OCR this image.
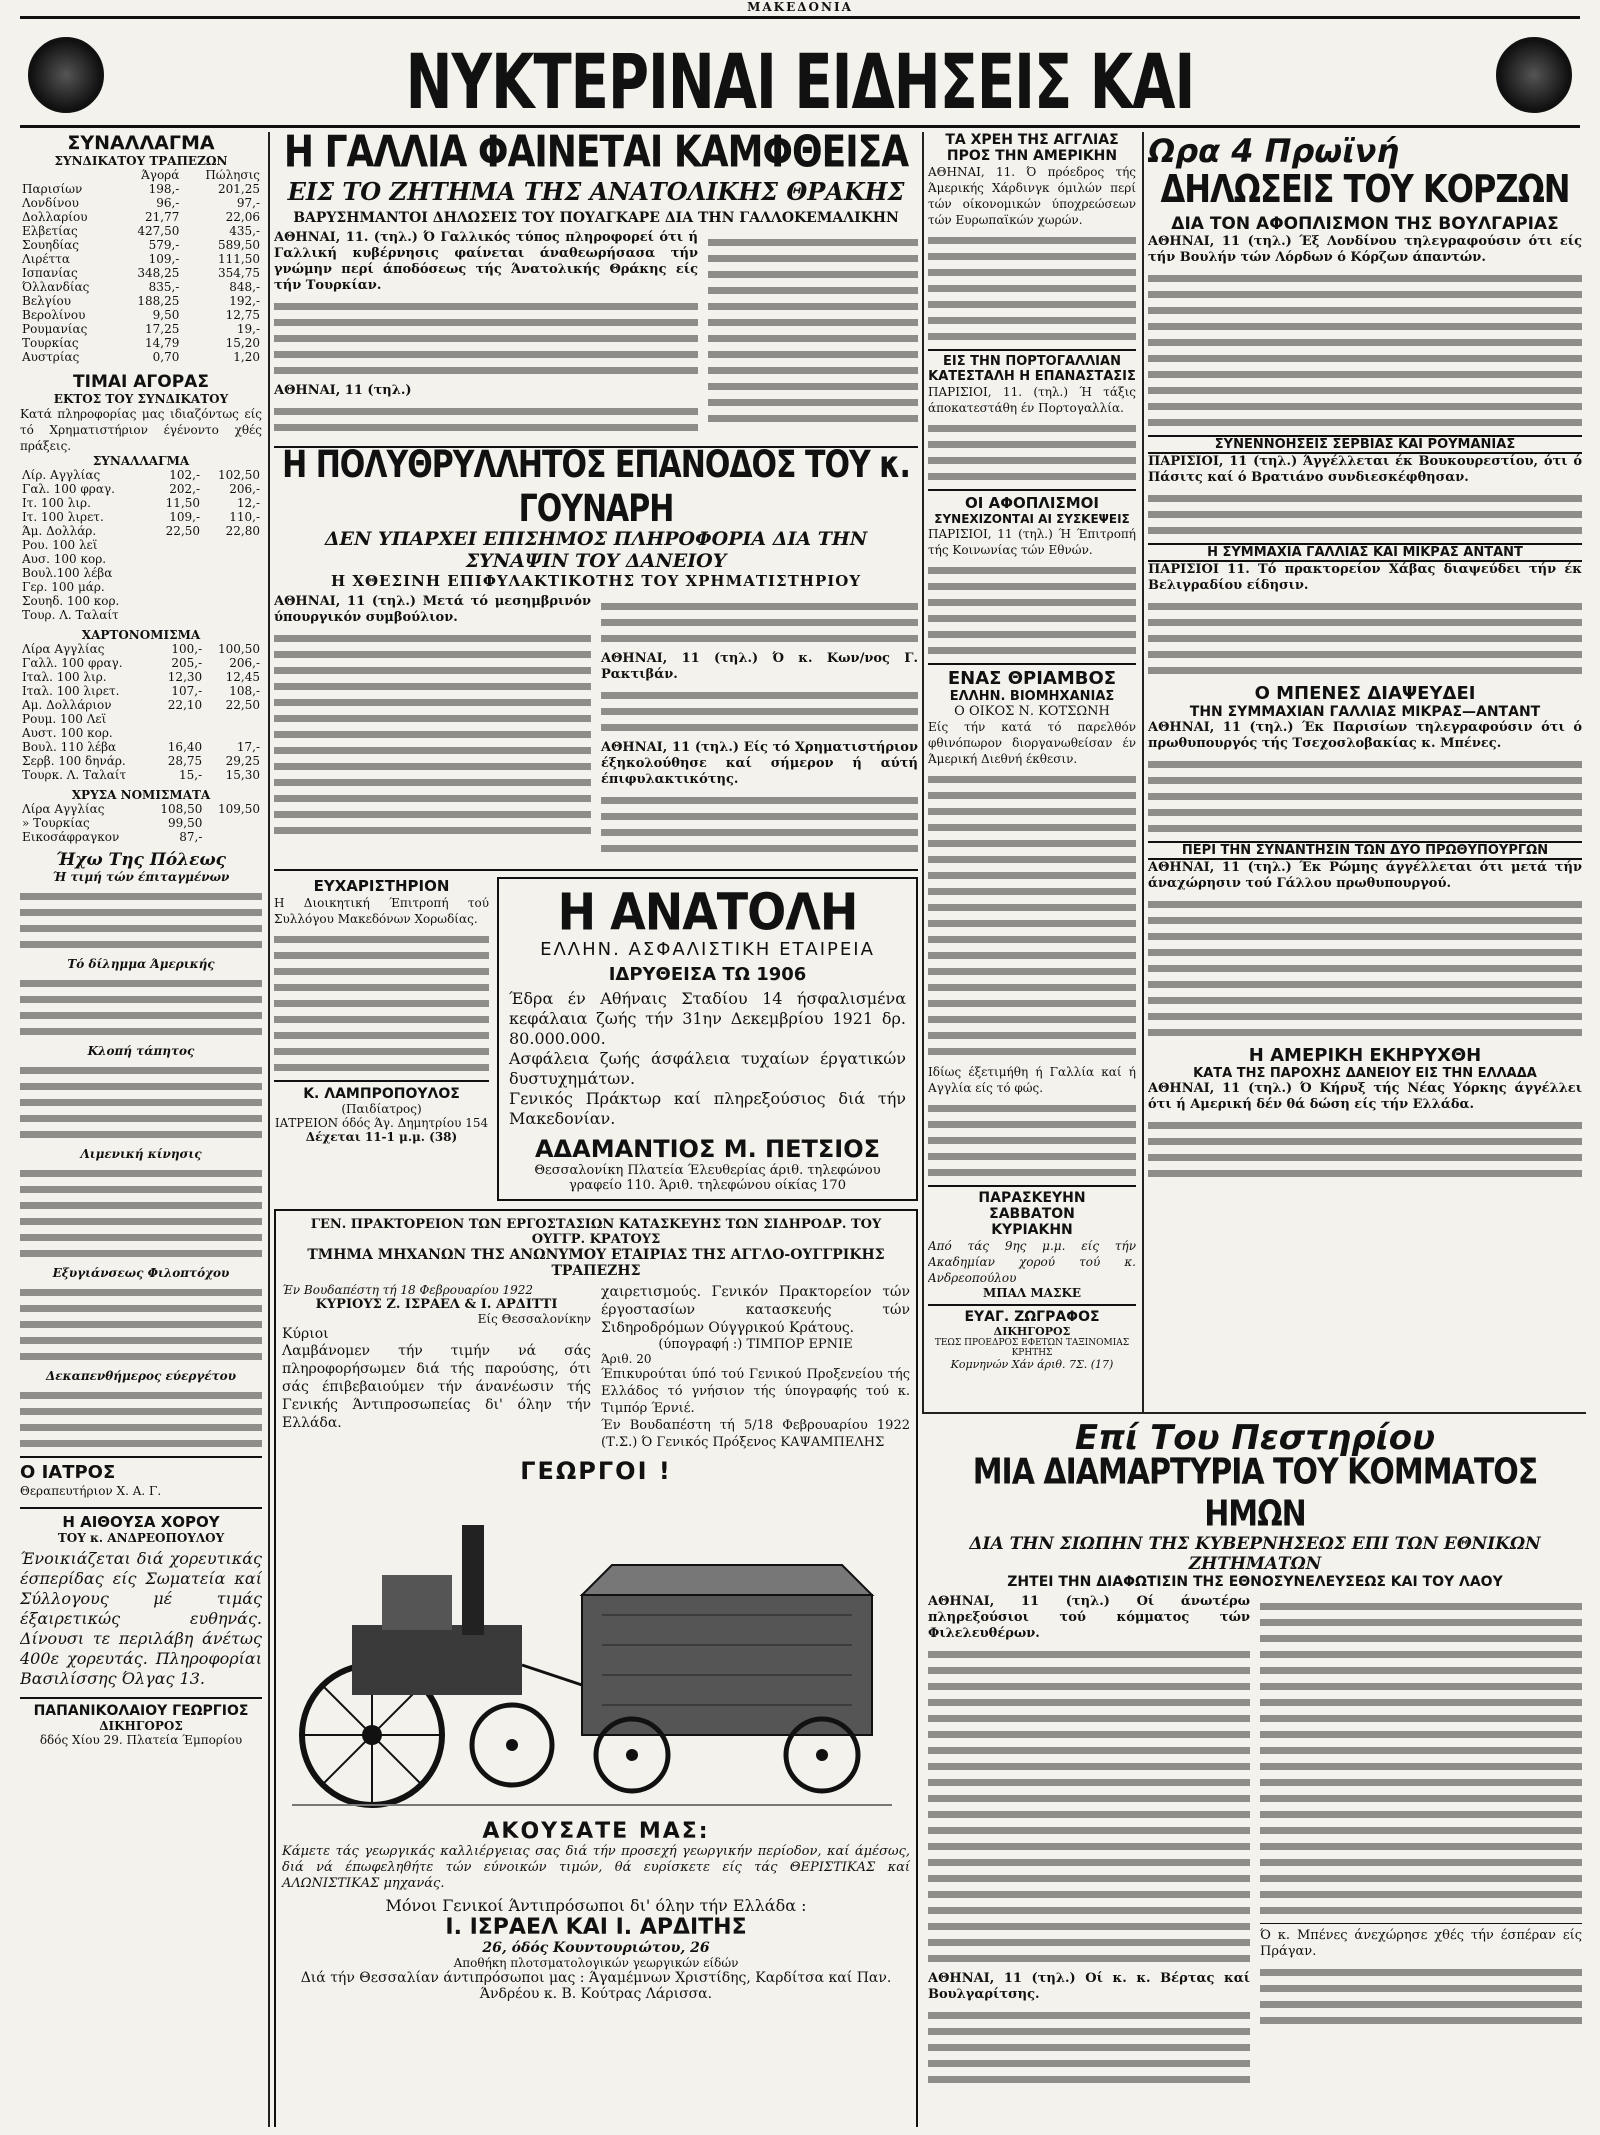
ΜΑΚΕΔΟΝΙΑ
ΝΥΚΤΕΡΙΝΑΙ ΕΙΔΗΣΕΙΣ ΚΑΙ
ΣΥΝΑΛΛΑΓΜΑ
ΣΥΝΔΙΚΑΤΟΥ ΤΡΑΠΕΖΩΝ
	Άγορά	Πώλησις
Παρισίων	198,-	201,25
Λονδίνου	96,-	97,-
Δολλαρίου	21,77	22,06
Ελβετίας	427,50	435,-
Σουηδίας	579,-	589,50
Λιρέττα	109,-	111,50
Ισπανίας	348,25	354,75
Όλλανδίας	835,-	848,-
Βελγίου	188,25	192,-
Βερολίνου	9,50	12,75
Ρουμανίας	17,25	19,-
Τουρκίας	14,79	15,20
Αυστρίας	0,70	1,20
ΤΙΜΑΙ ΑΓΟΡΑΣ
ΕΚΤΟΣ ΤΟΥ ΣΥΝΔΙΚΑΤΟΥ
Κατά πληροφορίας μας ιδιαζόντως είς τό Χρηματιστήριον έγένοντο χθές πράξεις.
ΣΥΝΑΛΛΑΓΜΑ
Λίρ. Αγγλίας	102,-	102,50
Γαλ. 100 φραγ.	202,-	206,-
Ιτ. 100 λιρ.	11,50	12,-
Ιτ. 100 λιρετ.	109,-	110,-
Άμ. Δολλάρ.	22,50	22,80
Ρου. 100 λεϊ		
Αυσ. 100 κορ.		
Βουλ.100 λέβα		
Γερ. 100 μάρ.		
Σουηδ. 100 κορ.		
Τουρ. Λ. Ταλαίτ		
ΧΑΡΤΟΝΟΜΙΣΜΑ
Λίρα Αγγλίας	100,-	100,50
Γαλλ. 100 φραγ.	205,-	206,-
Ιταλ. 100 λιρ.	12,30	12,45
Ιταλ. 100 λιρετ.	107,-	108,-
Αμ. Δολλάριον	22,10	22,50
Ρουμ. 100 Λεϊ		
Αυστ. 100 κορ.		
Βουλ. 110 λέβα	16,40	17,-
Σερβ. 100 δηνάρ.	28,75	29,25
Τουρκ. Λ. Ταλαίτ	15,-	15,30
ΧΡΥΣΑ ΝΟΜΙΣΜΑΤΑ
Λίρα Αγγλίας	108,50	109,50
» Τουρκίας	99,50	
Εικοσάφραγκον	87,-	
Ήχω Της Πόλεως
Ή τιμή τών έπιταγμένων
Τό δίλημμα Άμερικής
Κλοπή τάπητος
Λιμενική κίνησις
Εξυγιάνσεως Φιλοπτόχου
Δεκαπενθήμερος εύεργέτου
Ο ΙΑΤΡΟΣ
Θεραπευτήριον Χ. Α. Γ.
Η ΑΙΘΟΥΣΑ ΧΟΡΟΥ
ΤΟΥ κ. ΑΝΔΡΕΟΠΟΥΛΟΥ
Ένοικιάζεται διά χορευτικάς έσπερίδας είς Σωματεία καί Σύλλογους μέ τιμάς έξαιρετικώς ευθηνάς. Δίνουσι τε περιλάβη άνέτως 400ε χορευτάς. Πληροφορίαι Βασιλίσσης Όλγας 13.
ΠΑΠΑΝΙΚΟΛΑΙΟΥ ΓΕΩΡΓΙΟΣ
ΔΙΚΗΓΟΡΟΣ
δδός Χίου 29. Πλατεία Έμπορίου
Η ΓΑΛΛΙΑ ΦΑΙΝΕΤΑΙ ΚΑΜΦΘΕΙΣΑ
ΕΙΣ ΤΟ ΖΗΤΗΜΑ ΤΗΣ ΑΝΑΤΟΛΙΚΗΣ ΘΡΑΚΗΣ
ΒΑΡΥΣΗΜΑΝΤΟΙ ΔΗΛΩΣΕΙΣ ΤΟΥ ΠΟΥΑΓΚΑΡΕ ΔΙΑ ΤΗΝ ΓΑΛΛΟΚΕΜΑΛΙΚΗΝ
ΑΘΗΝΑΙ, 11. (τηλ.) Ό Γαλλικός τύπος πληροφορεί ότι ή Γαλλική κυβέρνησις φαίνεται άναθεωρήσασα τήν γνώμην περί άποδόσεως τής Άνατολικής Θράκης είς τήν Τουρκίαν.
ΑΘΗΝΑΙ, 11 (τηλ.)
Η ΠΟΛΥΘΡΥΛΛΗΤΟΣ ΕΠΑΝΟΔΟΣ ΤΟΥ κ. ΓΟΥΝΑΡΗ
ΔΕΝ ΥΠΑΡΧΕΙ ΕΠΙΣΗΜΟΣ ΠΛΗΡΟΦΟΡΙΑ ΔΙΑ ΤΗΝ ΣΥΝΑΨΙΝ ΤΟΥ ΔΑΝΕΙΟΥ
Η ΧΘΕΣΙΝΗ ΕΠΙΦΥΛΑΚΤΙΚΟΤΗΣ ΤΟΥ ΧΡΗΜΑΤΙΣΤΗΡΙΟΥ
ΑΘΗΝΑΙ, 11 (τηλ.) Μετά τό μεσημβρινόν ύπουργικόν συμβούλιον.
ΑΘΗΝΑΙ, 11 (τηλ.) Ό κ. Κων/νος Γ. Ρακτιβάν.
ΑΘΗΝΑΙ, 11 (τηλ.) Είς τό Χρηματιστήριον έξηκολούθησε καί σήμερον ή αύτή έπιφυλακτικότης.
ΕΥΧΑΡΙΣΤΗΡΙΟΝ
Η Διοικητική Έπιτροπή τού Συλλόγου Μακεδόνων Χορωδίας.
Κ. ΛΑΜΠΡΟΠΟΥΛΟΣ
(Παιδίατρος)
ΙΑΤΡΕΙΟΝ όδός Άγ. Δημητρίου 154
Δέχεται 11-1 μ.μ. (38)
Η ΑΝΑΤΟΛΗ
ΕΛΛΗΝ. ΑΣΦΑΛΙΣΤΙΚΗ ΕΤΑΙΡΕΙΑ
ΙΔΡΥΘΕΙΣΑ ΤΩ 1906
Έδρα έν Αθήναις Σταδίου 14 ήσφαλισμένα κεφάλαια ζωής τήν 31ην Δεκεμβρίου 1921 δρ. 80.000.000.
Ασφάλεια ζωής άσφάλεια τυχαίων έργατικών δυστυχημάτων.
Γενικός Πράκτωρ καί πληρεξούσιος διά τήν Μακεδονίαν.
ΑΔΑΜΑΝΤΙΟΣ Μ. ΠΕΤΣΙΟΣ
Θεσσαλονίκη Πλατεία Έλευθερίας άριθ. τηλεφώνου γραφείο 110. Άριθ. τηλεφώνου οίκίας 170
ΓΕΝ. ΠΡΑΚΤΟΡΕΙΟΝ ΤΩΝ ΕΡΓΟΣΤΑΣΙΩΝ ΚΑΤΑΣΚΕΥΗΣ ΤΩΝ ΣΙΔΗΡΟΔΡ. ΤΟΥ ΟΥΓΓΡ. ΚΡΑΤΟΥΣ
ΤΜΗΜΑ ΜΗΧΑΝΩΝ ΤΗΣ ΑΝΩΝΥΜΟΥ ΕΤΑΙΡΙΑΣ ΤΗΣ ΑΓΓΛΟ-ΟΥΓΓΡΙΚΗΣ ΤΡΑΠΕΖΗΣ
Έν Βουδαπέστη τή 18 Φεβρουαρίου 1922
ΚΥΡΙΟΥΣ Ζ. ΙΣΡΑΕΛ & Ι. ΑΡΔΙΤΤΙ
Είς Θεσσαλονίκην
Κύριοι
Λαμβάνομεν τήν τιμήν νά σάς πληροφορήσωμεν διά τής παρούσης, ότι σάς έπιβεβαιούμεν τήν άνανέωσιν τής Γενικής Άντιπροσωπείας δι' όλην τήν Ελλάδα.
χαιρετισμούς. Γενικόν Πρακτορείον τών έργοστασίων κατασκευής τών Σιδηροδρόμων Ούγγρικού Κράτους.
(ύπογραφή :) ΤΙΜΠΟΡ ΕΡΝΙΕ
Άριθ. 20
Έπικυρούται ύπό τού Γενικού Προξενείου τής Ελλάδος τό γνήσιον τής ύπογραφής τού κ. Τιμπόρ Έρνιέ.
Έν Βουδαπέστη τή 5/18 Φεβρουαρίου 1922 (Τ.Σ.) Ό Γενικός Πρόξενος ΚΑΨΑΜΠΕΛΗΣ
ΓΕΩΡΓΟΙ !
ΑΚΟΥΣΑΤΕ ΜΑΣ:
Κάμετε τάς γεωργικάς καλλιέργειας σας διά τήν προσεχή γεωργικήν περίοδον, καί άμέσως, διά νά έπωφεληθήτε τών εύνοικών τιμών, θά ευρίσκετε είς τάς ΘΕΡΙΣΤΙΚΑΣ καί ΑΛΩΝΙΣΤΙΚΑΣ μηχανάς.
Μόνοι Γενικοί Άντιπρόσωποι δι' όλην τήν Ελλάδα :
Ι. ΙΣΡΑΕΛ ΚΑΙ Ι. ΑΡΔΙΤΗΣ
26, όδός Κουντουριώτου, 26
Αποθήκη πλοτσματολογικών γεωργικών είδών
Διά τήν Θεσσαλίαν άντιπρόσωποι μας : Άγαμέμνων Χριστίδης, Καρδίτσα καί Παν. Άνδρέου κ. Β. Κούτρας Λάρισσα.
ΤΑ ΧΡΕΗ ΤΗΣ ΑΓΓΛΙΑΣ
ΠΡΟΣ ΤΗΝ ΑΜΕΡΙΚΗΝ
ΑΘΗΝΑΙ, 11. Ό πρόεδρος τής Άμερικής Χάρδινγκ όμιλών περί τών οίκονομικών ύποχρεώσεων τών Ευρωπαϊκών χωρών.
ΕΙΣ ΤΗΝ ΠΟΡΤΟΓΑΛΛΙΑΝ
ΚΑΤΕΣΤΑΛΗ Η ΕΠΑΝΑΣΤΑΣΙΣ
ΠΑΡΙΣΙΟΙ, 11. (τηλ.) Ή τάξις άποκατεστάθη έν Πορτογαλλία.
ΟΙ ΑΦΟΠΛΙΣΜΟΙ
ΣΥΝΕΧΙΖΟΝΤΑΙ ΑΙ ΣΥΣΚΕΨΕΙΣ
ΠΑΡΙΣΙΟΙ, 11 (τηλ.) Ή Έπιτροπή τής Κοινωνίας τών Εθνών.
ΕΝΑΣ ΘΡΙΑΜΒΟΣ
ΕΛΛΗΝ. ΒΙΟΜΗΧΑΝΙΑΣ
Ο ΟΙΚΟΣ Ν. ΚΟΤΣΩΝΗ
Είς τήν κατά τό παρελθόν φθινόπωρον διοργανωθείσαν έν Άμερική Διεθνή έκθεσιν.
Ιδίως έξετιμήθη ή Γαλλία καί ή Αγγλία είς τό φώς.
ΠΑΡΑΣΚΕΥΗΝ
ΣΑΒΒΑΤΟΝ
ΚΥΡΙΑΚΗΝ
Από τάς 9ης μ.μ. είς τήν Ακαδημίαν χορού τού κ. Ανδρεοπούλου
ΜΠΑΛ ΜΑΣΚΕ
ΕΥΑΓ. ΖΩΓΡΑΦΟΣ
ΔΙΚΗΓΟΡΟΣ
ΤΕΩΣ ΠΡΟΕΔΡΟΣ ΕΦΕΤΩΝ ΤΑΞΙΝΟΜΙΑΣ ΚΡΗΤΗΣ
Κομνηνών Χάν άριθ. 7Σ. (17)
Ωρα 4 Πρωϊνή
ΔΗΛΩΣΕΙΣ ΤΟΥ ΚΟΡΖΩΝ
ΔΙΑ ΤΟΝ ΑΦΟΠΛΙΣΜΟΝ ΤΗΣ ΒΟΥΛΓΑΡΙΑΣ
ΑΘΗΝΑΙ, 11 (τηλ.) Έξ Λονδίνου τηλεγραφούσιν ότι είς τήν Βουλήν τών Λόρδων ό Κόρζων άπαντών.
ΣΥΝΕΝΝΟΗΣΕΙΣ ΣΕΡΒΙΑΣ ΚΑΙ ΡΟΥΜΑΝΙΑΣ
ΠΑΡΙΣΙΟΙ, 11 (τηλ.) Άγγέλλεται έκ Βουκουρεστίου, ότι ό Πάσιτς καί ό Βρατιάνο συνδιεσκέφθησαν.
Η ΣΥΜΜΑΧΙΑ ΓΑΛΛΙΑΣ ΚΑΙ ΜΙΚΡΑΣ ΑΝΤΑΝΤ
ΠΑΡΙΣΙΟΙ 11. Τό πρακτορείον Χάβας διαψεύδει τήν έκ Βελιγραδίου είδησιν.
Ο ΜΠΕΝΕΣ ΔΙΑΨΕΥΔΕΙ
ΤΗΝ ΣΥΜΜΑΧΙΑΝ ΓΑΛΛΙΑΣ ΜΙΚΡΑΣ—ΑΝΤΑΝΤ
ΑΘΗΝΑΙ, 11 (τηλ.) Έκ Παρισίων τηλεγραφούσιν ότι ό πρωθυπουργός τής Τσεχοσλοβακίας κ. Μπένες.
ΠΕΡΙ ΤΗΝ ΣΥΝΑΝΤΗΣΙΝ ΤΩΝ ΔΥΟ ΠΡΩΘΥΠΟΥΡΓΩΝ
ΑΘΗΝΑΙ, 11 (τηλ.) Έκ Ρώμης άγγέλλεται ότι μετά τήν άναχώρησιν τού Γάλλου πρωθυπουργού.
Η ΑΜΕΡΙΚΗ ΕΚΗΡΥΧΘΗ
ΚΑΤΑ ΤΗΣ ΠΑΡΟΧΗΣ ΔΑΝΕΙΟΥ ΕΙΣ ΤΗΝ ΕΛΛΑΔΑ
ΑΘΗΝΑΙ, 11 (τηλ.) Ό Κήρυξ τής Νέας Υόρκης άγγέλλει ότι ή Αμερική δέν θά δώση είς τήν Ελλάδα.
Επί Του Πεστηρίου
ΜΙΑ ΔΙΑΜΑΡΤΥΡΙΑ ΤΟΥ ΚΟΜΜΑΤΟΣ ΗΜΩΝ
ΔΙΑ ΤΗΝ ΣΙΩΠΗΝ ΤΗΣ ΚΥΒΕΡΝΗΣΕΩΣ ΕΠΙ ΤΩΝ ΕΘΝΙΚΩΝ ΖΗΤΗΜΑΤΩΝ
ΖΗΤΕΙ ΤΗΝ ΔΙΑΦΩΤΙΣΙΝ ΤΗΣ ΕΘΝΟΣΥΝΕΛΕΥΣΕΩΣ ΚΑΙ ΤΟΥ ΛΑΟΥ
ΑΘΗΝΑΙ, 11 (τηλ.) Οί άνωτέρω πληρεξούσιοι τού κόμματος τών Φιλελευθέρων.
ΑΘΗΝΑΙ, 11 (τηλ.) Οί κ. κ. Βέρτας καί Βουλγαρίτσης.
Ό κ. Μπένες άνεχώρησε χθές τήν έσπέραν είς Πράγαν.
